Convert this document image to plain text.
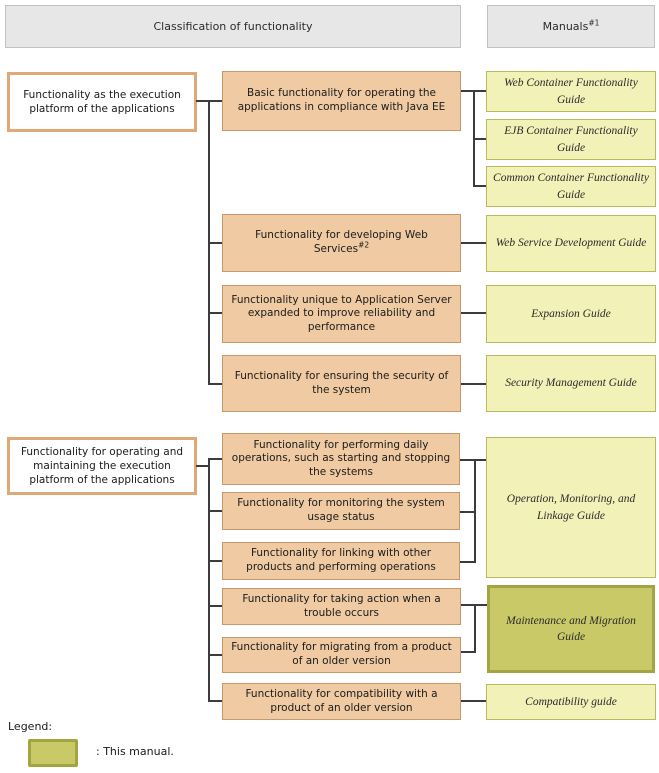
Classification of functionality	Manuals$^{\#1}$
Functionality as the execution platform of the applications
Functionality for operating and maintaining the execution platform of the applications
Basic functionality for operating the applications in compliance with Java EE
Functionality for developing Web Services$^{\#2}$
Functionality unique to Application Server expanded to improve reliability and performance
Functionality for ensuring the security of the system
Functionality for performing daily operations, such as starting and stopping the systems
Functionality for monitoring the system usage status
Functionality for linking with other products and performing operations
Functionality for taking action when a trouble occurs
Functionality for migrating from a product of an older version
Functionality for compatibility with a product of an older version
Web Container Functionality Guide
EJB Container Functionality Guide
Common Container Functionality Guide
Web Service Development Guide
Expansion Guide
Security Management Guide
Operation, Monitoring, and Linkage Guide
Maintenance and Migration Guide
Compatibility guide
Legend:
: This manual.
